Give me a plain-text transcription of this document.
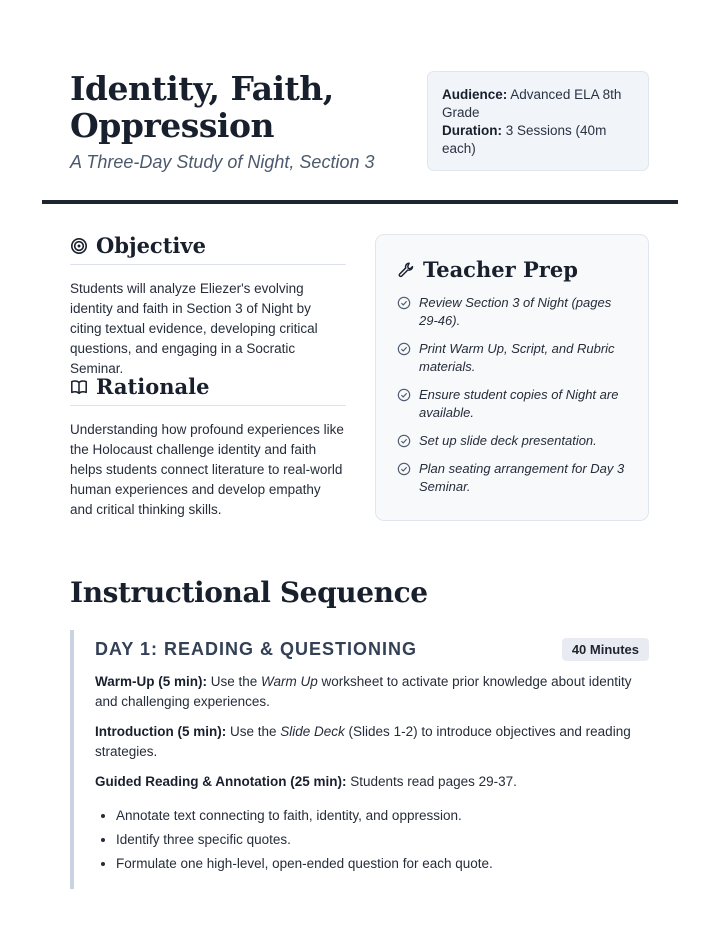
Identity, Faith, Oppression
A Three-Day Study of Night, Section 3
Audience: Advanced ELA 8th Grade
Duration: 3 Sessions (40m each)
Objective

Students will analyze Eliezer's evolving identity and faith in Section 3 of Night by citing textual evidence, developing critical questions, and engaging in a Socratic Seminar.

Rationale

Understanding how profound experiences like the Holocaust challenge identity and faith helps students connect literature to real-world human experiences and develop empathy and critical thinking skills.

Teacher Prep
Review Section 3 of Night (pages 29-46).
Print Warm Up, Script, and Rubric materials.
Ensure student copies of Night are available.
Set up slide deck presentation.
Plan seating arrangement for Day 3 Seminar.
Instructional Sequence
DAY 1: READING & QUESTIONING	40 Minutes

Warm-Up (5 min): Use the Warm Up worksheet to activate prior knowledge about identity and challenging experiences.

Introduction (5 min): Use the Slide Deck (Slides 1-2) to introduce objectives and reading strategies.

Guided Reading & Annotation (25 min): Students read pages 29-37.

• Annotate text connecting to faith, identity, and oppression.
• Identify three specific quotes.
• Formulate one high-level, open-ended question for each quote.
